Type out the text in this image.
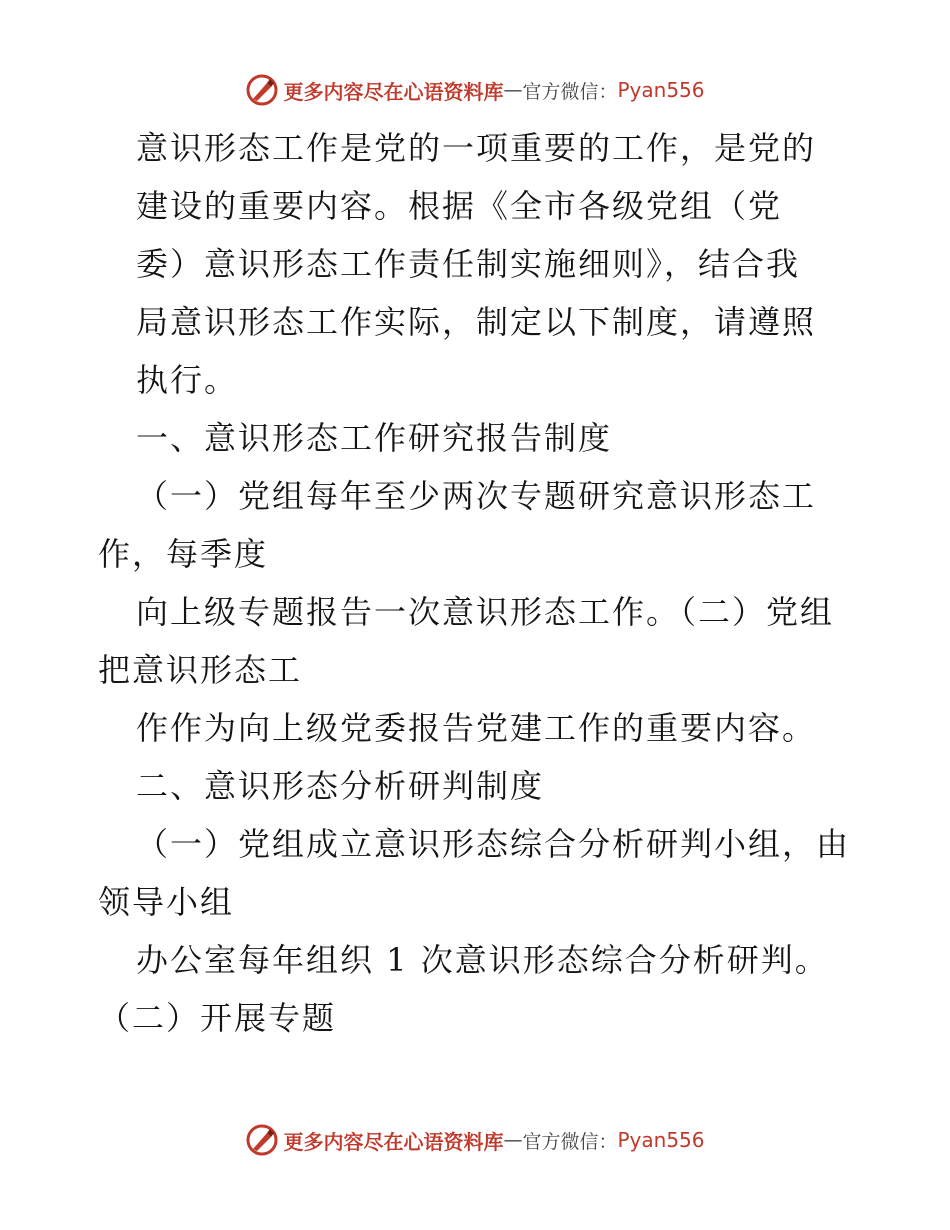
更多内容尽在心语资料库 — 官方微信： Pyan556
意识形态工作是党的一项重要的工作，是党的
建设的重要内容。根据《全市各级党组（党
委）意识形态工作责任制实施细则》，结合我
局意识形态工作实际，制定以下制度，请遵照
执行。
一、意识形态工作研究报告制度
（一）党组每年至少两次专题研究意识形态工
作，每季度
向上级专题报告一次意识形态工作。（二）党组
把意识形态工
作作为向上级党委报告党建工作的重要内容。
二、意识形态分析研判制度
（一）党组成立意识形态综合分析研判小组，由
领导小组
办公室每年组织 1 次意识形态综合分析研判。
（二）开展专题
更多内容尽在心语资料库 — 官方微信： Pyan556
